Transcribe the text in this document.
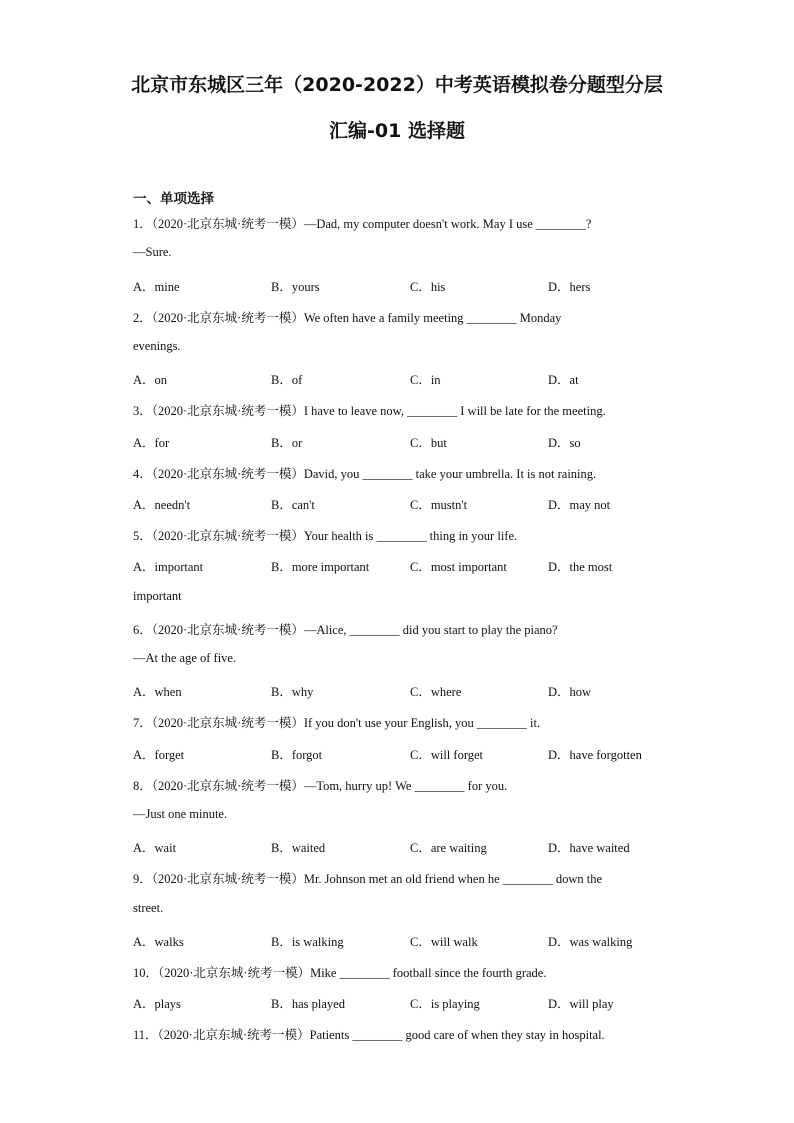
北京市东城区三年（2020-2022）中考英语模拟卷分题型分层
汇编-01 选择题
一、单项选择
1．（2020·北京东城·统考一模）—Dad, my computer doesn't work. May I use ________?
—Sure.
A．mine	B．yours	C．his	D．hers
2．（2020·北京东城·统考一模）We often have a family meeting ________ Monday
evenings.
A．on	B．of	C．in	D．at
3．（2020·北京东城·统考一模）I have to leave now, ________ I will be late for the meeting.
A．for	B．or	C．but	D．so
4．（2020·北京东城·统考一模）David, you ________ take your umbrella. It is not raining.
A．needn't	B．can't	C．mustn't	D．may not
5．（2020·北京东城·统考一模）Your health is ________ thing in your life.
A．important	B．more important	C．most important	D．the most
important
6．（2020·北京东城·统考一模）—Alice, ________ did you start to play the piano?
—At the age of five.
A．when	B．why	C．where	D．how
7．（2020·北京东城·统考一模）If you don't use your English, you ________ it.
A．forget	B．forgot	C．will forget	D．have forgotten
8．（2020·北京东城·统考一模）—Tom, hurry up! We ________ for you.
—Just one minute.
A．wait	B．waited	C．are waiting	D．have waited
9．（2020·北京东城·统考一模）Mr. Johnson met an old friend when he ________ down the
street.
A．walks	B．is walking	C．will walk	D．was walking
10．（2020·北京东城·统考一模）Mike ________ football since the fourth grade.
A．plays	B．has played	C．is playing	D．will play
11．（2020·北京东城·统考一模）Patients ________ good care of when they stay in hospital.
